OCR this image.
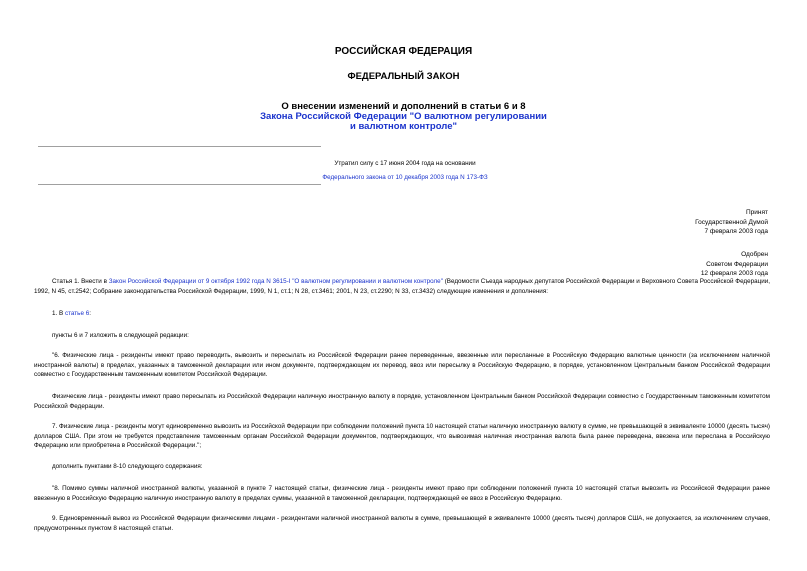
РОССИЙСКАЯ ФЕДЕРАЦИЯ
ФЕДЕРАЛЬНЫЙ ЗАКОН
О внесении изменений и дополнений в статьи 6 и 8
Закона Российской Федерации "О валютном регулировании
и валютном контроле"
Утратил силу с 17 июня 2004 года на основании
Федерального закона от 10 декабря 2003 года N 173-ФЗ
Принят
Государственной Думой
7 февраля 2003 года
Одобрен
Советом Федерации
12 февраля 2003 года
Статья 1. Внести в Закон Российской Федерации от 9 октября 1992 года N 3615-I "О валютном регулировании и валютном контроле" (Ведомости Съезда народных депутатов Российской Федерации и Верховного Совета Российской Федерации, 1992, N 45, ст.2542; Собрание законодательства Российской Федерации, 1999, N 1, ст.1; N 28, ст.3461; 2001, N 23, ст.2290; N 33, ст.3432) следующие изменения и дополнения:
1. В статье 6:
пункты 6 и 7 изложить в следующей редакции:
"6. Физические лица - резиденты имеют право переводить, вывозить и пересылать из Российской Федерации ранее переведенные, ввезенные или пересланные в Российскую Федерацию валютные ценности (за исключением наличной иностранной валюты) в пределах, указанных в таможенной декларации или ином документе, подтверждающем их перевод, ввоз или пересылку в Российскую Федерацию, в порядке, установленном Центральным банком Российской Федерации совместно с Государственным таможенным комитетом Российской Федерации.
Физические лица - резиденты имеют право пересылать из Российской Федерации наличную иностранную валюту в порядке, установленном Центральным банком Российской Федерации совместно с Государственным таможенным комитетом Российской Федерации.
7. Физические лица - резиденты могут единовременно вывозить из Российской Федерации при соблюдении положений пункта 10 настоящей статьи наличную иностранную валюту в сумме, не превышающей в эквиваленте 10000 (десять тысяч) долларов США. При этом не требуется представление таможенным органам Российской Федерации документов, подтверждающих, что вывозимая наличная иностранная валюта была ранее переведена, ввезена или переслана в Российскую Федерацию или приобретена в Российской Федерации.";
дополнить пунктами 8-10 следующего содержания:
"8. Помимо суммы наличной иностранной валюты, указанной в пункте 7 настоящей статьи, физические лица - резиденты имеют право при соблюдении положений пункта 10 настоящей статьи вывозить из Российской Федерации ранее ввезенную в Российскую Федерацию наличную иностранную валюту в пределах суммы, указанной в таможенной декларации, подтверждающей ее ввоз в Российскую Федерацию.
9. Единовременный вывоз из Российской Федерации физическими лицами - резидентами наличной иностранной валюты в сумме, превышающей в эквиваленте 10000 (десять тысяч) долларов США, не допускается, за исключением случаев, предусмотренных пунктом 8 настоящей статьи.
